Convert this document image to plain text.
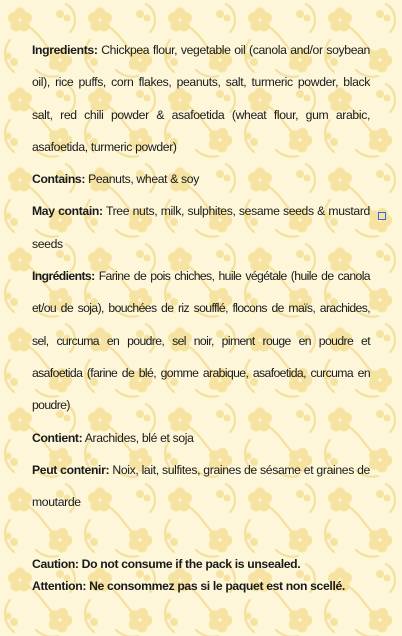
Ingredients: Chickpea flour, vegetable oil (canola and/or soybean oil), rice puffs, corn flakes, peanuts, salt, turmeric powder, black salt, red chili powder & asafoetida (wheat flour, gum arabic, asafoetida, turmeric powder)

Contains: Peanuts, wheat & soy

May contain: Tree nuts, milk, sulphites, sesame seeds & mustard seeds

Ingrédients: Farine de pois chiches, huile végétale (huile de canola et/ou de soja), bouchées de riz soufflé, flocons de maïs, arachides, sel, curcuma en poudre, sel noir, piment rouge en poudre et asafoetida (farine de blé, gomme arabique, asafoetida, curcuma en poudre)

Contient: Arachides, blé et soja

Peut contenir: Noix, lait, sulfites, graines de sésame et graines de moutarde

Caution: Do not consume if the pack is unsealed.
Attention: Ne consommez pas si le paquet est non scellé.
